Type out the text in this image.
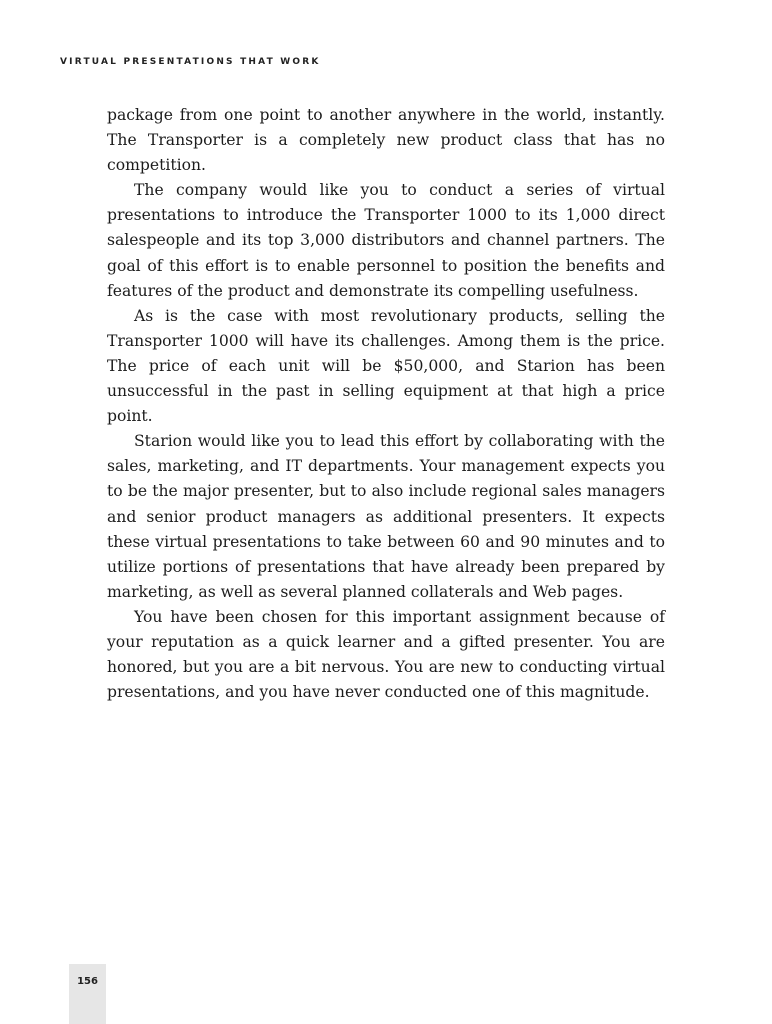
VIRTUAL PRESENTATIONS THAT WORK

package from one point to another anywhere in the world, instantly. The Transporter is a completely new product class that has no competition.

The company would like you to conduct a series of virtual presentations to introduce the Transporter 1000 to its 1,000 direct salespeople and its top 3,000 distributors and channel partners. The goal of this effort is to enable personnel to position the benefits and features of the product and demonstrate its compelling usefulness.

As is the case with most revolutionary products, selling the Transporter 1000 will have its challenges. Among them is the price. The price of each unit will be $50,000, and Starion has been unsuccessful in the past in selling equipment at that high a price point.

Starion would like you to lead this effort by collaborating with the sales, marketing, and IT departments. Your management expects you to be the major presenter, but to also include regional sales managers and senior product managers as additional presenters. It expects these virtual presentations to take between 60 and 90 minutes and to utilize portions of presentations that have already been prepared by marketing, as well as several planned collaterals and Web pages.

You have been chosen for this important assignment because of your reputation as a quick learner and a gifted presenter. You are honored, but you are a bit nervous. You are new to conducting virtual presentations, and you have never conducted one of this magnitude.

156
